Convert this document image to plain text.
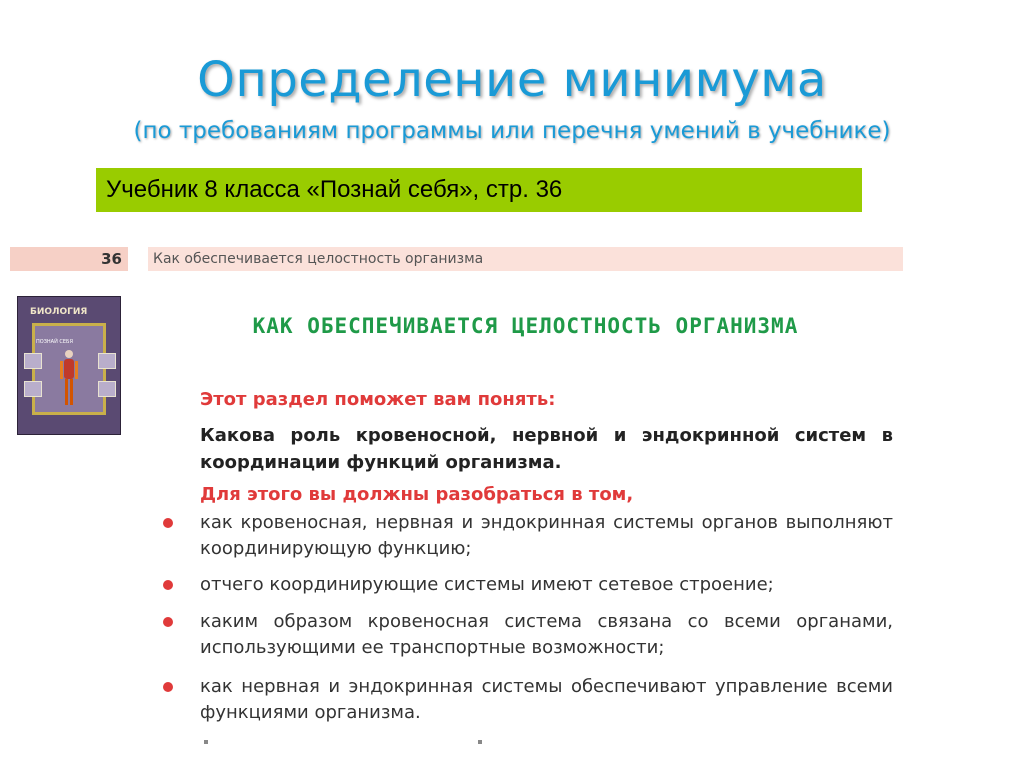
Определение минимума
(по требованиям программы или перечня умений в учебнике)
Учебник 8 класса «Познай себя», стр. 36
36	Как обеспечивается целостность организма
БИОЛОГИЯ
ПОЗНАЙ СЕБЯ
КАК ОБЕСПЕЧИВАЕТСЯ ЦЕЛОСТНОСТЬ ОРГАНИЗМА
Этот раздел поможет вам понять:
Какова роль кровеносной, нервной и эндокринной систем в координации функций организма.
Для этого вы должны разобраться в том,
как кровеносная, нервная и эндокринная системы органов выполняют координирующую функцию;
отчего координирующие системы имеют сетевое строение;
каким образом кровеносная система связана со всеми органами, использующими ее транспортные возможности;
как нервная и эндокринная системы обеспечивают управление всеми функциями организма.
